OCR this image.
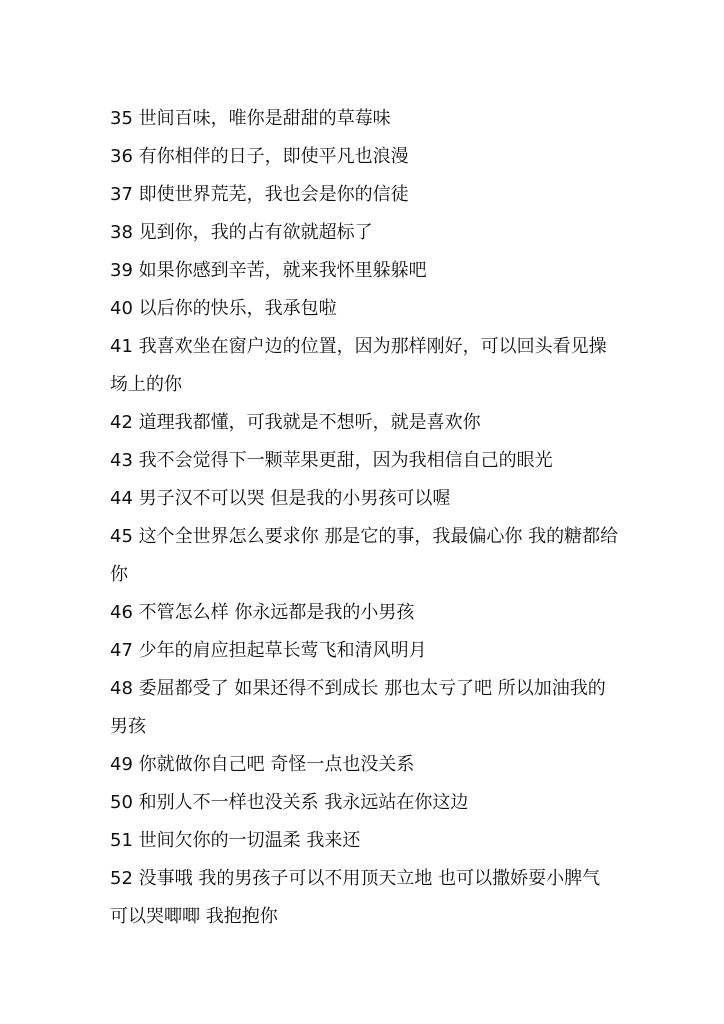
35 世间百味，唯你是甜甜的草莓味

36 有你相伴的日子，即使平凡也浪漫

37 即使世界荒芜，我也会是你的信徒

38 见到你，我的占有欲就超标了

39 如果你感到辛苦，就来我怀里躲躲吧

40 以后你的快乐，我承包啦

41 我喜欢坐在窗户边的位置，因为那样刚好，可以回头看见操场上的你

42 道理我都懂，可我就是不想听，就是喜欢你

43 我不会觉得下一颗苹果更甜，因为我相信自己的眼光

44 男子汉不可以哭 但是我的小男孩可以喔

45 这个全世界怎么要求你 那是它的事，我最偏心你 我的糖都给你

46 不管怎么样 你永远都是我的小男孩

47 少年的肩应担起草长莺飞和清风明月

48 委屈都受了 如果还得不到成长 那也太亏了吧 所以加油我的男孩

49 你就做你自己吧 奇怪一点也没关系

50 和别人不一样也没关系 我永远站在你这边

51 世间欠你的一切温柔 我来还

52 没事哦 我的男孩子可以不用顶天立地 也可以撒娇耍小脾气 可以哭唧唧 我抱抱你
